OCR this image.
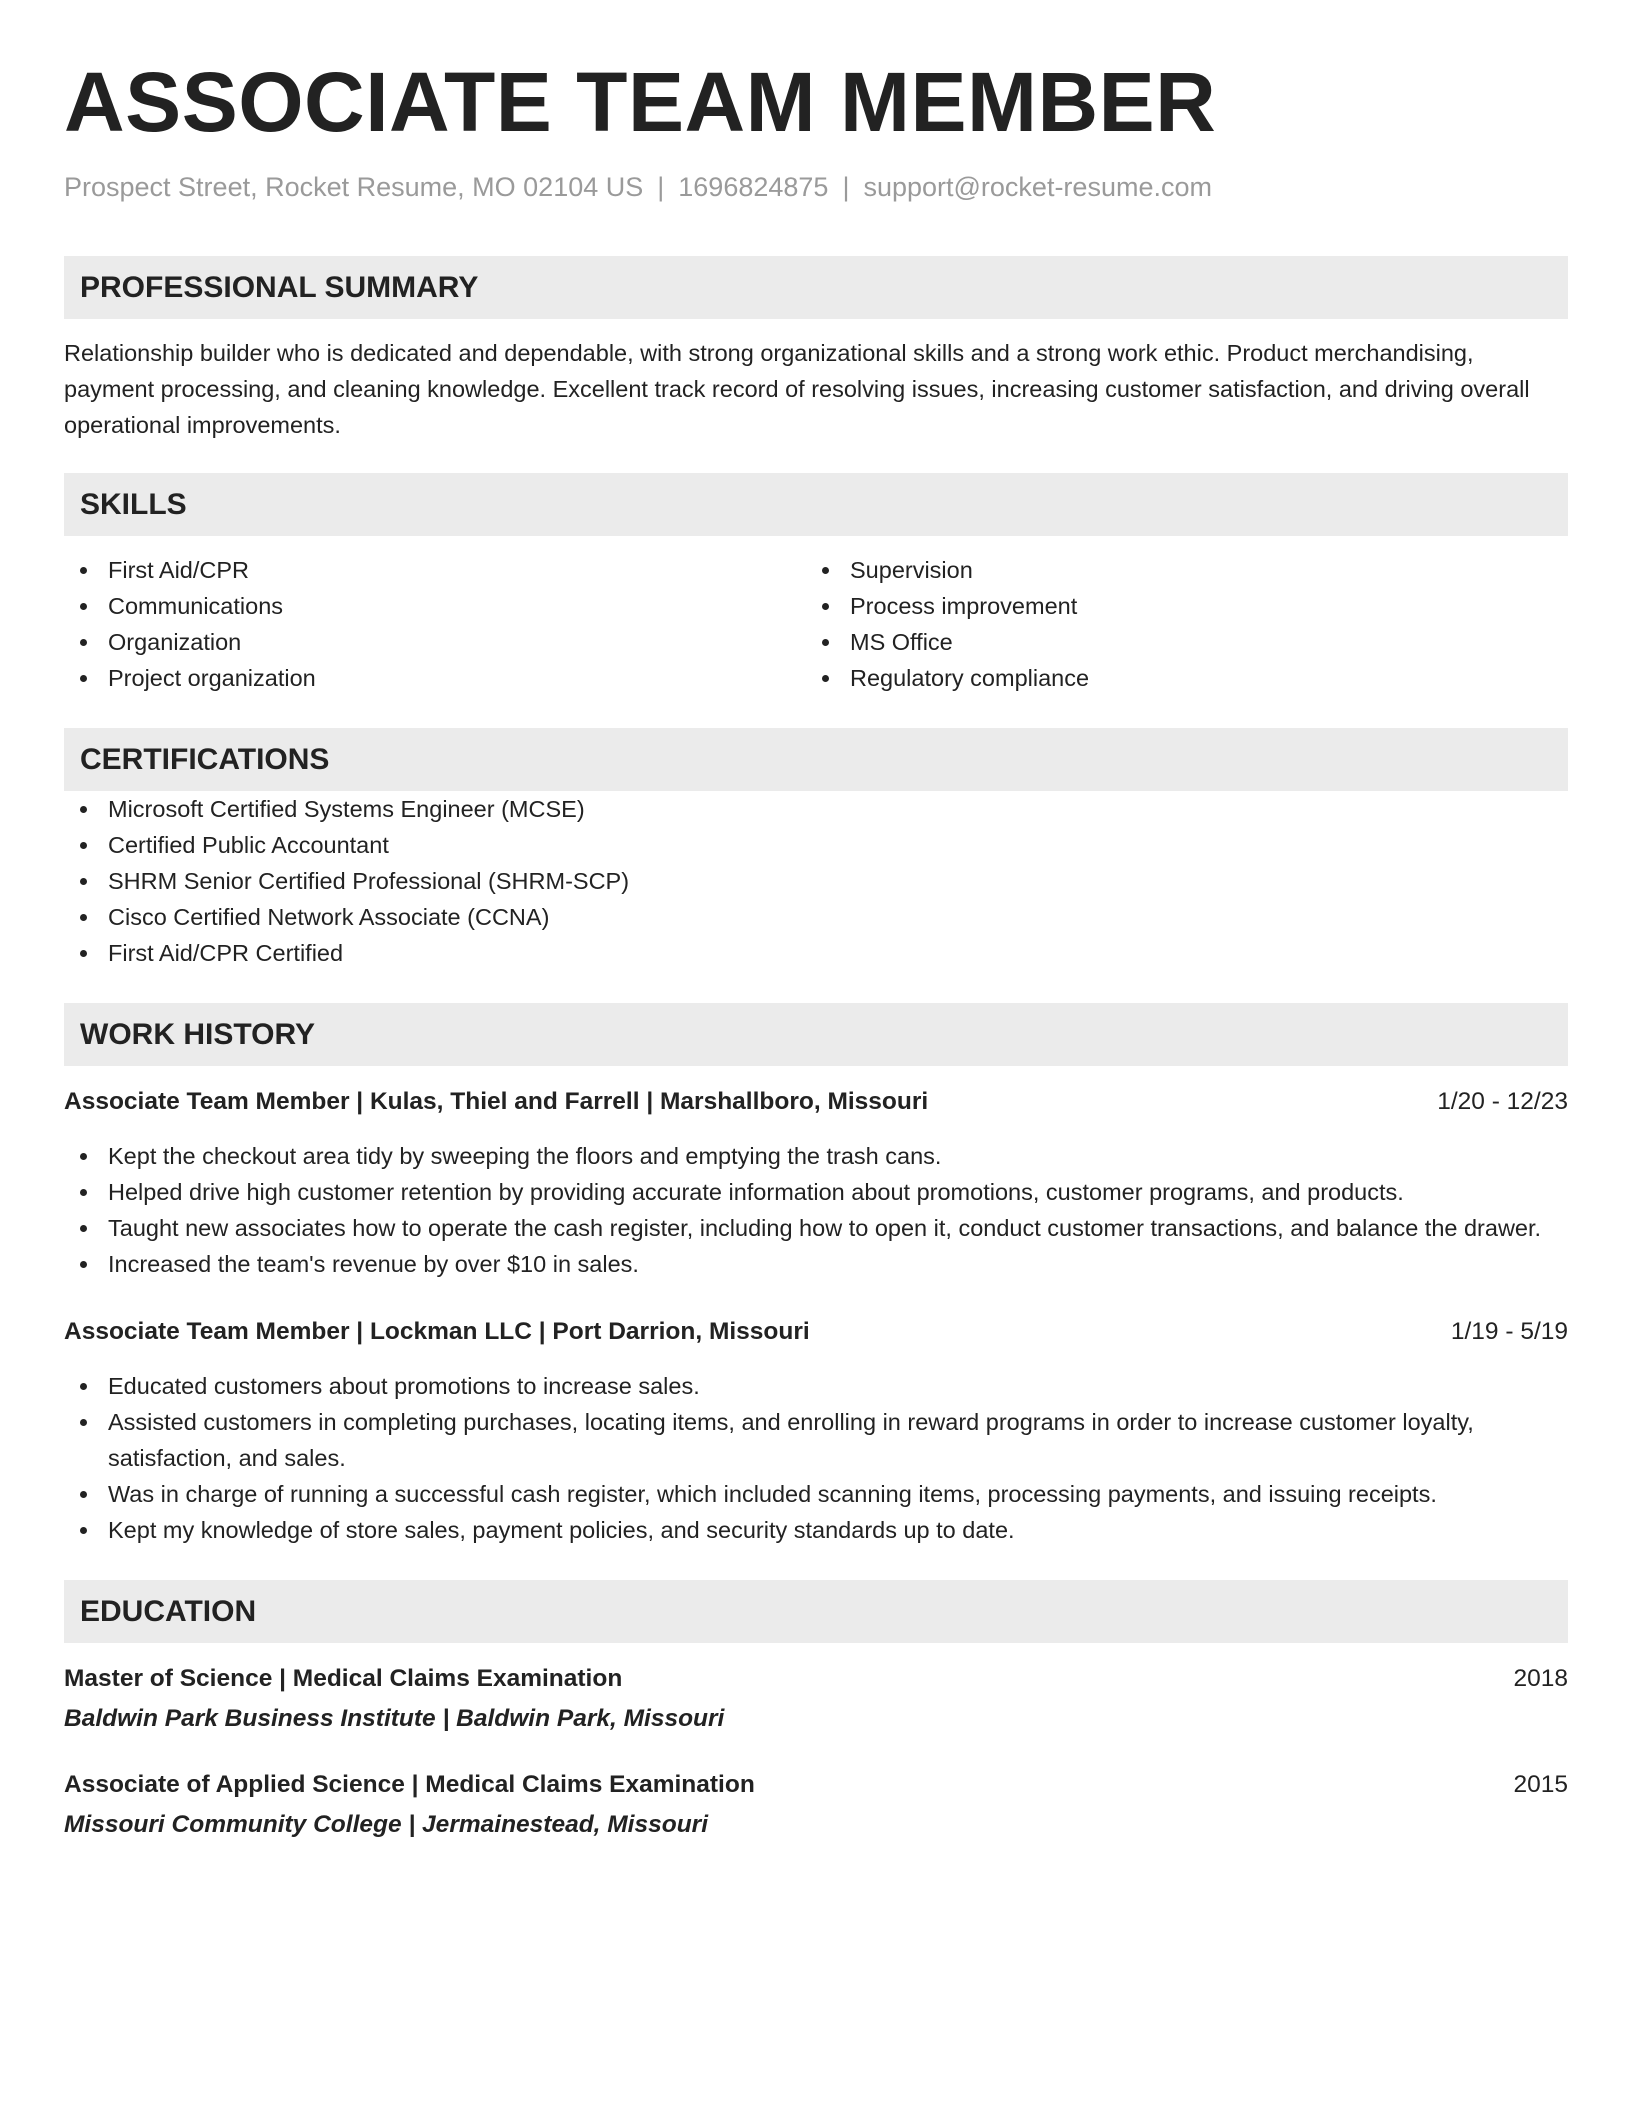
ASSOCIATE TEAM MEMBER
Prospect Street, Rocket Resume, MO 02104 US | 1696824875 | support@rocket-resume.com
PROFESSIONAL SUMMARY
Relationship builder who is dedicated and dependable, with strong organizational skills and a strong work ethic. Product merchandising, payment processing, and cleaning knowledge. Excellent track record of resolving issues, increasing customer satisfaction, and driving overall operational improvements.
SKILLS
First Aid/CPR
Communications
Organization
Project organization
Supervision
Process improvement
MS Office
Regulatory compliance
CERTIFICATIONS
Microsoft Certified Systems Engineer (MCSE)
Certified Public Accountant
SHRM Senior Certified Professional (SHRM-SCP)
Cisco Certified Network Associate (CCNA)
First Aid/CPR Certified
WORK HISTORY
Associate Team Member | Kulas, Thiel and Farrell | Marshallboro, Missouri	1/20 - 12/23
Kept the checkout area tidy by sweeping the floors and emptying the trash cans.
Helped drive high customer retention by providing accurate information about promotions, customer programs, and products.
Taught new associates how to operate the cash register, including how to open it, conduct customer transactions, and balance the drawer.
Increased the team's revenue by over $10 in sales.
Associate Team Member | Lockman LLC | Port Darrion, Missouri	1/19 - 5/19
Educated customers about promotions to increase sales.
Assisted customers in completing purchases, locating items, and enrolling in reward programs in order to increase customer loyalty, satisfaction, and sales.
Was in charge of running a successful cash register, which included scanning items, processing payments, and issuing receipts.
Kept my knowledge of store sales, payment policies, and security standards up to date.
EDUCATION
Master of Science | Medical Claims Examination	2018
Baldwin Park Business Institute | Baldwin Park, Missouri
Associate of Applied Science | Medical Claims Examination	2015
Missouri Community College | Jermainestead, Missouri
